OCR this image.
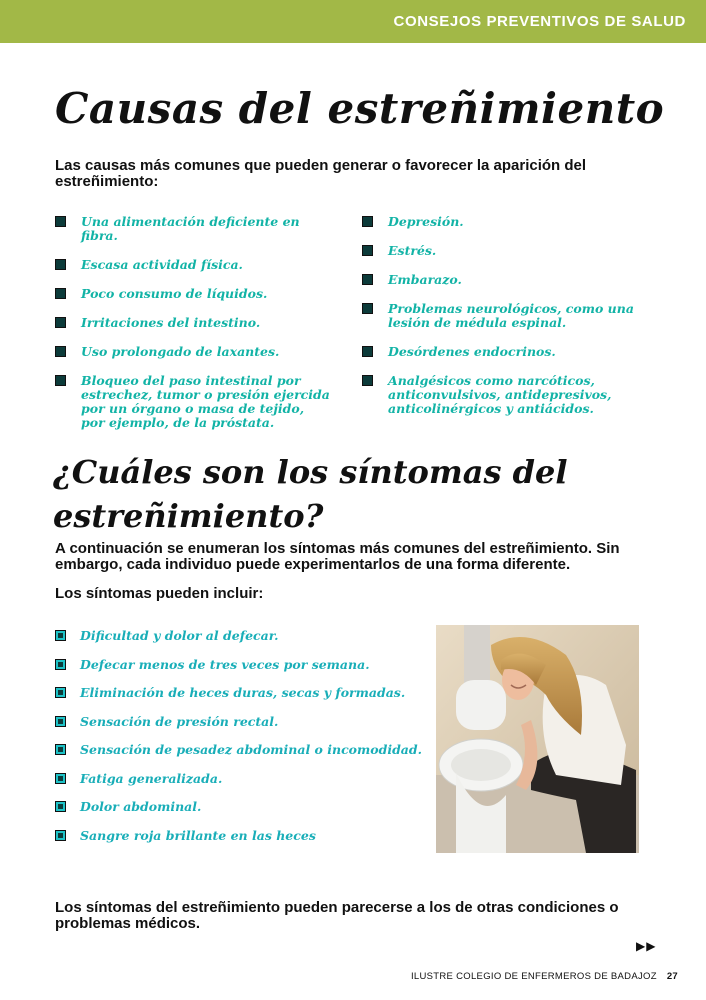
CONSEJOS PREVENTIVOS DE SALUD
Causas del estreñimiento

Las causas más comunes que pueden generar o favorecer la aparición del estreñimiento:

Una alimentación deficiente en fibra.
Escasa actividad física.
Poco consumo de líquidos.
Irritaciones del intestino.
Uso prolongado de laxantes.
Bloqueo del paso intestinal por estrechez, tumor o presión ejercida por un órgano o masa de tejido, por ejemplo, de la próstata.
Depresión.
Estrés.
Embarazo.
Problemas neurológicos, como una lesión de médula espinal.
Desórdenes endocrinos.
Analgésicos como narcóticos, anticonvulsivos, antidepresivos, anticolinérgicos y antiácidos.
¿Cuáles son los síntomas del
estreñimiento?

A continuación se enumeran los síntomas más comunes del estreñimiento. Sin embargo, cada individuo puede experimentarlos de una forma diferente.

Los síntomas pueden incluir:

Dificultad y dolor al defecar.
Defecar menos de tres veces por semana.
Eliminación de heces duras, secas y formadas.
Sensación de presión rectal.
Sensación de pesadez abdominal o incomodidad.
Fatiga generalizada.
Dolor abdominal.
Sangre roja brillante en las heces

Los síntomas del estreñimiento pueden parecerse a los de otras condiciones o problemas médicos.

▶▶
ILUSTRE COLEGIO DE ENFERMEROS DE BADAJOZ 27
